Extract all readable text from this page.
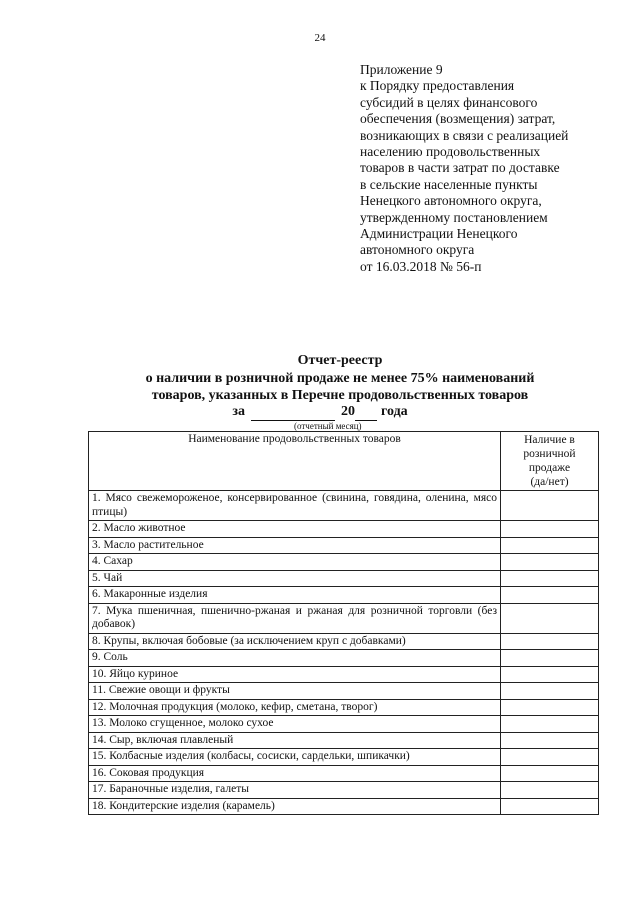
24
Приложение 9
к Порядку предоставления
субсидий в целях финансового
обеспечения (возмещения) затрат,
возникающих в связи с реализацией
населению продовольственных
товаров в части затрат по доставке
в сельские населенные пункты
Ненецкого автономного округа,
утвержденному постановлением
Администрации Ненецкого
автономного округа
от 16.03.2018 № 56-п
Отчет-реестр
о наличии в розничной продаже не менее 75% наименований
товаров, указанных в Перечне продовольственных товаров
за	20 года
(отчетный месяц)
Наименование продовольственных товаров	Наличие в
розничной
продаже
(да/нет)

1. Мясо свежемороженое, консервированное (свинина, говядина, оленина, мясо птицы)	
2. Масло животное	
3. Масло растительное	
4. Сахар	
5. Чай	
6. Макаронные изделия	
7. Мука пшеничная, пшенично-ржаная и ржаная для розничной торговли (без добавок)	
8. Крупы, включая бобовые (за исключением круп с добавками)	
9. Соль	
10. Яйцо куриное	
11. Свежие овощи и фрукты	
12. Молочная продукция (молоко, кефир, сметана, творог)	
13. Молоко сгущенное, молоко сухое	
14. Сыр, включая плавленый	
15. Колбасные изделия (колбасы, сосиски, сардельки, шпикачки)	
16. Соковая продукция	
17. Бараночные изделия, галеты	
18. Кондитерские изделия (карамель)	
